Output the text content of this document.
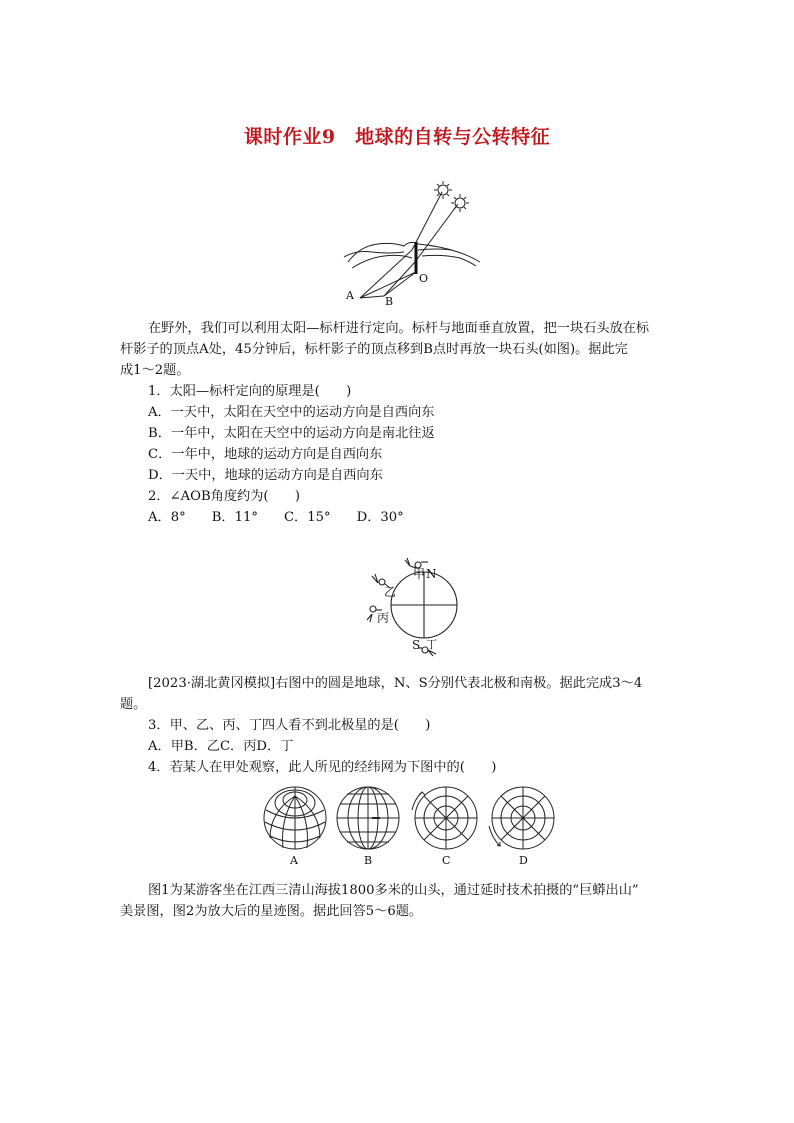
课时作业9　地球的自转与公转特征
A	B
O
在野外，我们可以利用太阳—标杆进行定向。标杆与地面垂直放置，把一块石头放在标
杆影子的顶点A处，45分钟后，标杆影子的顶点移到B点时再放一块石头(如图)。据此完
成1～2题。
1．太阳—标杆定向的原理是(　　)
A．一天中，太阳在天空中的运动方向是自西向东
B．一年中，太阳在天空中的运动方向是南北往返
C．一年中，地球的运动方向是自西向东
D．一天中，地球的运动方向是自西向东
2．∠AOB角度约为(　　)
A．8° B．11° C．15° D．30°
甲 N
乙
丙
S 丁
[2023·湖北黄冈模拟]右图中的圆是地球，N、S分别代表北极和南极。据此完成3～4
题。
3．甲、乙、丙、丁四人看不到北极星的是(　　)
A．甲B．乙C．丙D．丁
4．若某人在甲处观察，此人所见的经纬网为下图中的(　　)
A	B	C	D
图1为某游客坐在江西三清山海拔1800多米的山头，通过延时技术拍摄的“巨蟒出山”
美景图，图2为放大后的星迹图。据此回答5～6题。
